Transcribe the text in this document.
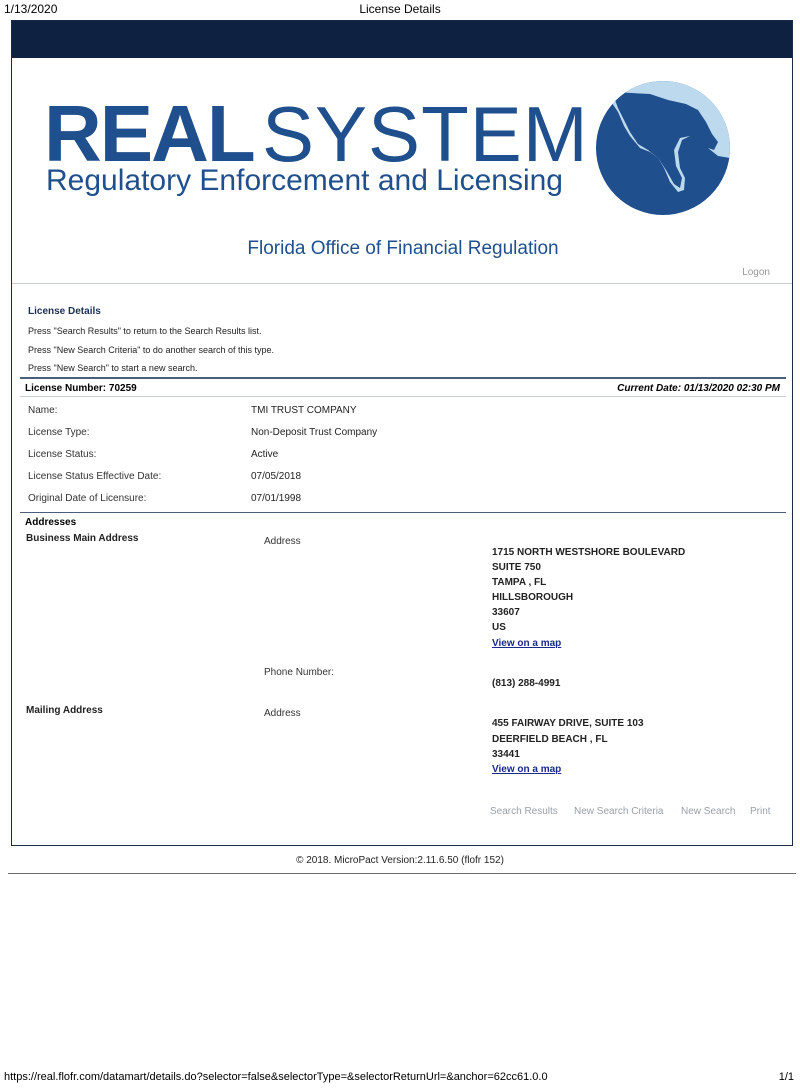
1/13/2020	License Details
REAL SYSTEM
Regulatory Enforcement and Licensing
Florida Office of Financial Regulation
Logon
License Details
Press "Search Results" to return to the Search Results list.
Press "New Search Criteria" to do another search of this type.
Press "New Search" to start a new search.
License Number: 70259	Current Date: 01/13/2020 02:30 PM
Name:	TMI TRUST COMPANY
License Type:	Non-Deposit Trust Company
License Status:	Active
License Status Effective Date:	07/05/2018
Original Date of Licensure:	07/01/1998
Addresses
Business Main Address	Address
1715 NORTH WESTSHORE BOULEVARD
SUITE 750
TAMPA , FL
HILLSBOROUGH
33607
US
View on a map
Phone Number:
(813) 288-4991
Mailing Address	Address
455 FAIRWAY DRIVE, SUITE 103
DEERFIELD BEACH , FL
33441
View on a map
Search Results New Search Criteria New Search Print
© 2018. MicroPact Version:2.11.6.50 (flofr 152)
https://real.flofr.com/datamart/details.do?selector=false&selectorType=&selectorReturnUrl=&anchor=62cc61.0.0	1/1
